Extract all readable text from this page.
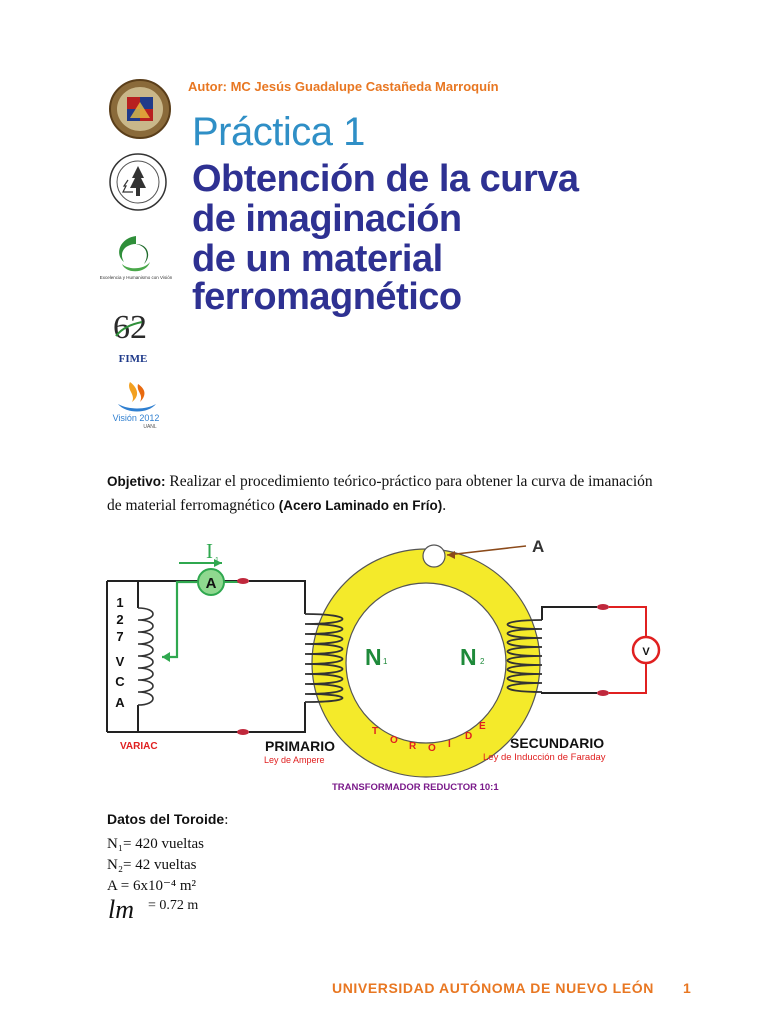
Autor: MC Jesús Guadalupe Castañeda Marroquín
Práctica 1
Obtención de la curva
de imaginación
de un material
ferromagnético
Excelencia y Humanismo con Visión
62
FIME
Visión 2012
UANL
Objetivo: Realizar el procedimiento teórico-práctico para obtener la curva de imanación de material ferromagnético (Acero Laminado en Frío).
A
1
2
7
V
C
A
I 1
A
N 1	N 2
V
T
O
R O I
D
E
VARIAC	PRIMARIO
Ley de Ampere
SECUNDARIO
Ley de Inducción de Faraday
TRANSFORMADOR REDUCTOR 10:1
Datos del Toroide:
N₁= 420 vueltas
N₂= 42 vueltas
A = 6x10⁻⁴ m²
lm = 0.72 m
UNIVERSIDAD AUTÓNOMA DE NUEVO LEÓN 1
